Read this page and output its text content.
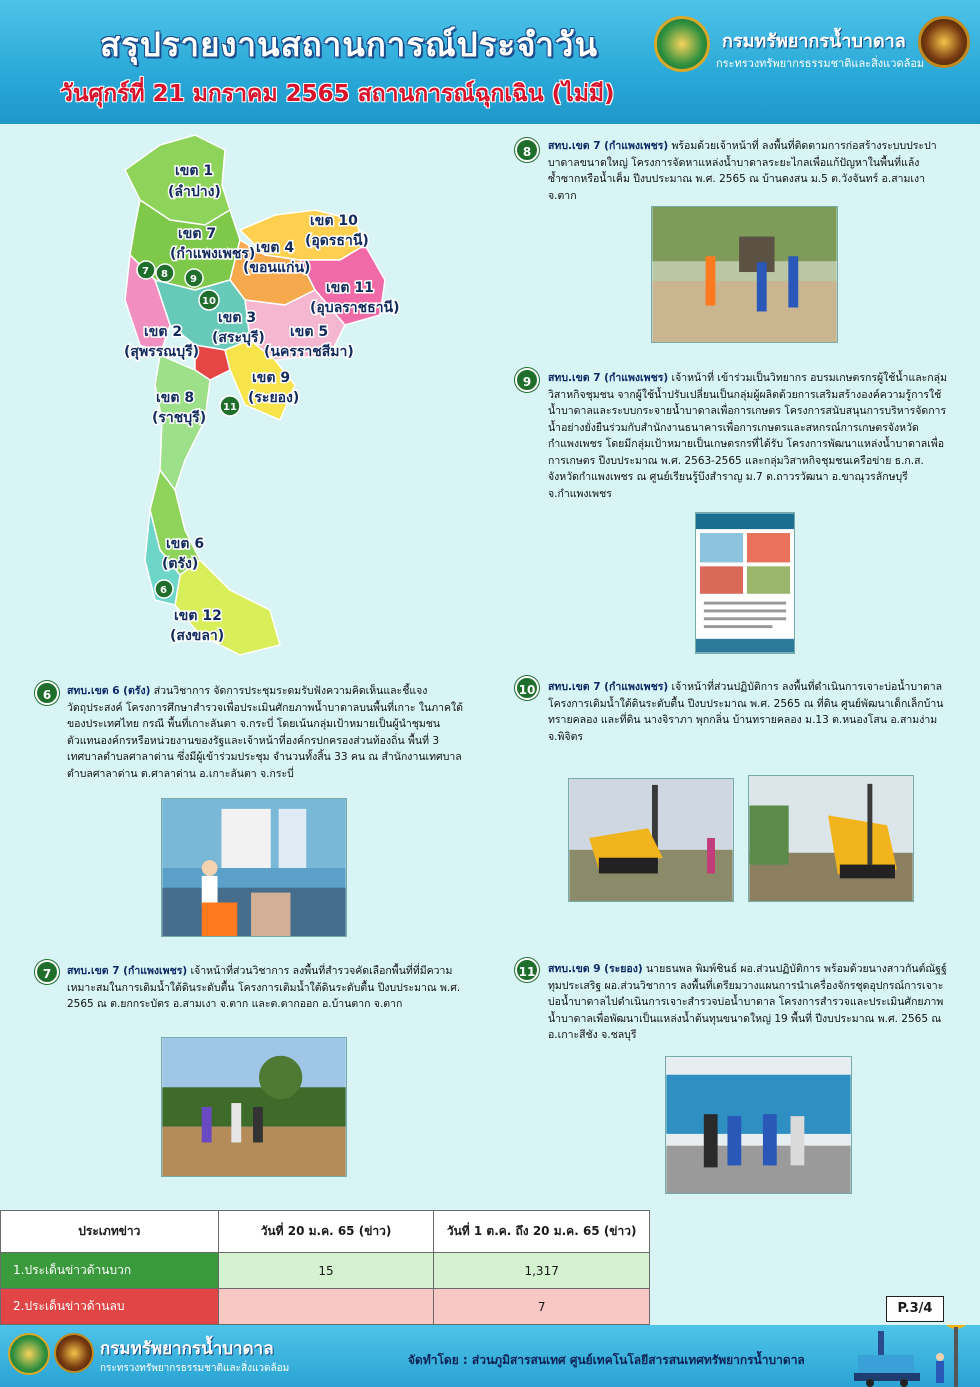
สรุปรายงานสถานการณ์ประจำวัน
วันศุกร์ที่ 21 มกราคม 2565 สถานการณ์ฉุกเฉิน (ไม่มี)
กรมทรัพยากรน้ำบาดาล
กระทรวงทรัพยากรธรรมชาติและสิ่งแวดล้อม
เขต 1
(ลำปาง)
เขต 7
(กำแพงเพชร)
เขต 10
(อุดรธานี)
เขต 4
(ขอนแก่น)
เขต 11
(อุบลราชธานี)
เขต 3
(สระบุรี) เขต 5
(นครราชสีมา)
เขต 2
(สุพรรณบุรี)
เขต 9
(ระยอง)
เขต 8
(ราชบุรี)
เขต 6
(ตรัง)
เขต 12
(สงขลา)
7 8 9
10
11
6
8	สทบ.เขต 7 (กำแพงเพชร) พร้อมด้วยเจ้าหน้าที่ ลงพื้นที่ติดตามการก่อสร้างระบบประปาบาดาลขนาดใหญ่ โครงการจัดหาแหล่งน้ำบาดาลระยะไกลเพื่อแก้ปัญหาในพื้นที่แล้งซ้ำซากหรือน้ำเค็ม ปีงบประมาณ พ.ศ. 2565 ณ บ้านดงสน ม.5 ต.วังจันทร์ อ.สามเงา จ.ตาก
9	สทบ.เขต 7 (กำแพงเพชร) เจ้าหน้าที่ เข้าร่วมเป็นวิทยากร อบรมเกษตรกรผู้ใช้น้ำและกลุ่มวิสาหกิจชุมชน จากผู้ใช้น้ำปรับเปลี่ยนเป็นกลุ่มผู้ผลิตด้วยการเสริมสร้างองค์ความรู้การใช้น้ำบาดาลและระบบกระจายน้ำบาดาลเพื่อการเกษตร โครงการสนับสนุนการบริหารจัดการน้ำอย่างยั่งยืนร่วมกับสำนักงานธนาคารเพื่อการเกษตรและสหกรณ์การเกษตรจังหวัดกำแพงเพชร โดยมีกลุ่มเป้าหมายเป็นเกษตรกรที่ได้รับ โครงการพัฒนาแหล่งน้ำบาดาลเพื่อการเกษตร ปีงบประมาณ พ.ศ. 2563-2565 และกลุ่มวิสาหกิจชุมชนเครือข่าย ธ.ก.ส. จังหวัดกำแพงเพชร ณ ศูนย์เรียนรู้บึงสำราญ ม.7 ต.ถาวรวัฒนา อ.ขาณุวรลักษบุรี จ.กำแพงเพชร
6	สทบ.เขต 6 (ตรัง) ส่วนวิชาการ จัดการประชุมระดมรับฟังความคิดเห็นและชี้แจงวัตถุประสงค์ โครงการศึกษาสำรวจเพื่อประเมินศักยภาพน้ำบาดาลบนพื้นที่เกาะ ในภาคใต้ของประเทศไทย กรณี พื้นที่เกาะลันตา จ.กระบี่ โดยเน้นกลุ่มเป้าหมายเป็นผู้นำชุมชน ตัวแทนองค์กรหรือหน่วยงานของรัฐและเจ้าหน้าที่องค์กรปกครองส่วนท้องถิ่น พื้นที่ 3 เทศบาลตำบลศาลาด่าน ซึ่งมีผู้เข้าร่วมประชุม จำนวนทั้งสิ้น 33 คน ณ สำนักงานเทศบาลตำบลศาลาด่าน ต.ศาลาด่าน อ.เกาะลันตา จ.กระบี่
10	สทบ.เขต 7 (กำแพงเพชร) เจ้าหน้าที่ส่วนปฏิบัติการ ลงพื้นที่ดำเนินการเจาะบ่อน้ำบาดาลโครงการเติมน้ำใต้ดินระดับตื้น ปีงบประมาณ พ.ศ. 2565 ณ ที่ดิน ศูนย์พัฒนาเด็กเล็กบ้านทรายคลอง และที่ดิน นางจิราภา พุกกลิ่น บ้านทรายคลอง ม.13 ต.หนองโสน อ.สามง่าม จ.พิจิตร
7	สทบ.เขต 7 (กำแพงเพชร) เจ้าหน้าที่ส่วนวิชาการ ลงพื้นที่สำรวจคัดเลือกพื้นที่ที่มีความเหมาะสมในการเติมน้ำใต้ดินระดับตื้น โครงการเติมน้ำใต้ดินระดับตื้น ปีงบประมาณ พ.ศ. 2565 ณ ต.ยกกระบัตร อ.สามเงา จ.ตาก และต.ตากออก อ.บ้านตาก จ.ตาก
11	สทบ.เขต 9 (ระยอง) นายธนพล พิมพ์ชินธ์ ผอ.ส่วนปฏิบัติการ พร้อมด้วยนางสาวกันต์ณัฐฐ์ ทุมประเสริฐ ผอ.ส่วนวิชาการ ลงพื้นที่เตรียมวางแผนการนำเครื่องจักรชุดอุปกรณ์การเจาะบ่อน้ำบาดาลไปดำเนินการเจาะสำรวจบ่อน้ำบาดาล โครงการสำรวจและประเมินศักยภาพน้ำบาดาลเพื่อพัฒนาเป็นแหล่งน้ำต้นทุนขนาดใหญ่ 19 พื้นที่ ปีงบประมาณ พ.ศ. 2565 ณ อ.เกาะสีชัง จ.ชลบุรี
ประเภทข่าว	วันที่ 20 ม.ค. 65 (ข่าว)	วันที่ 1 ต.ค. ถึง 20 ม.ค. 65 (ข่าว)
1.ประเด็นข่าวด้านบวก	15	1,317
2.ประเด็นข่าวด้านลบ		7	P.3/4
กรมทรัพยากรน้ำบาดาล
กระทรวงทรัพยากรธรรมชาติและสิ่งแวดล้อม
จัดทำโดย : ส่วนภูมิสารสนเทศ ศูนย์เทคโนโลยีสารสนเทศทรัพยากรน้ำบาดาล
